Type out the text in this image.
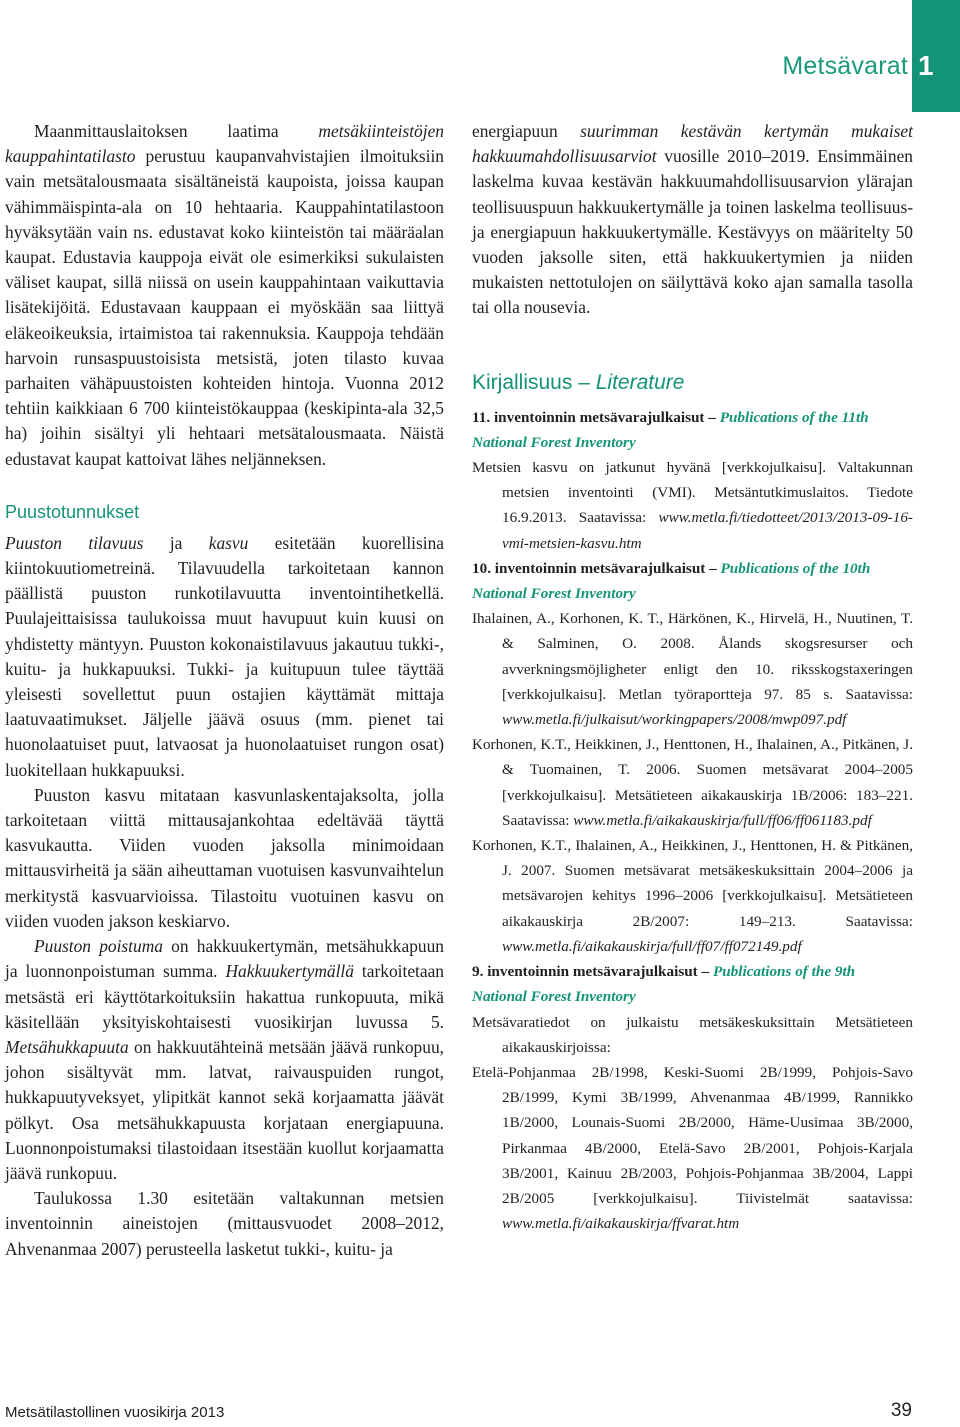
Metsävarat 1

Maanmittauslaitoksen laatima metsäkiinteistöjen kauppahintatilasto perustuu kaupanvahvistajien ilmoituksiin vain metsätalousmaata sisältäneistä kaupoista, joissa kaupan vähimmäispinta-ala on 10 hehtaaria. Kauppahintatilastoon hyväksytään vain ns. edustavat koko kiinteistön tai määräalan kaupat. Edustavia kauppoja eivät ole esimerkiksi sukulaisten väliset kaupat, sillä niissä on usein kauppahintaan vaikuttavia lisätekijöitä. Edustavaan kauppaan ei myöskään saa liittyä eläkeoikeuksia, irtaimistoa tai rakennuksia. Kauppoja tehdään harvoin runsaspuustoisista metsistä, joten tilasto kuvaa parhaiten vähäpuustoisten kohteiden hintoja. Vuonna 2012 tehtiin kaikkiaan 6 700 kiinteistökauppaa (keskipinta-ala 32,5 ha) joihin sisältyi yli hehtaari metsätalousmaata. Näistä edustavat kaupat kattoivat lähes neljänneksen.

Puustotunnukset

Puuston tilavuus ja kasvu esitetään kuorellisina kiintokuutiometreinä. Tilavuudella tarkoitetaan kannon päällistä puuston runkotilavuutta inventointihetkellä. Puulajeittaisissa taulukoissa muut havupuut kuin kuusi on yhdistetty mäntyyn. Puuston kokonaistilavuus jakautuu tukki-, kuitu- ja hukkapuuksi. Tukki- ja kuitupuun tulee täyttää yleisesti sovellettut puun ostajien käyttämät mittaja laatuvaatimukset. Jäljelle jäävä osuus (mm. pienet tai huonolaatuiset puut, latvaosat ja huonolaatuiset rungon osat) luokitellaan hukkapuuksi.

Puuston kasvu mitataan kasvunlaskentajaksolta, jolla tarkoitetaan viittä mittausajankohtaa edeltävää täyttä kasvukautta. Viiden vuoden jaksolla minimoidaan mittausvirheitä ja sään aiheuttaman vuotuisen kasvunvaihtelun merkitystä kasvuarvioissa. Tilastoitu vuotuinen kasvu on viiden vuoden jakson keskiarvo.

Puuston poistuma on hakkuukertymän, metsähukkapuun ja luonnonpoistuman summa. Hakkuukertymällä tarkoitetaan metsästä eri käyttötarkoituksiin hakattua runkopuuta, mikä käsitellään yksityiskohtaisesti vuosikirjan luvussa 5. Metsähukkapuuta on hakkuutähteinä metsään jäävä runkopuu, johon sisältyvät mm. latvat, raivauspuiden rungot, hukkapuutyveksyet, ylipitkät kannot sekä korjaamatta jäävät pölkyt. Osa metsähukkapuusta korjataan energiapuuna. Luonnonpoistumaksi tilastoidaan itsestään kuollut korjaamatta jäävä runkopuu.

Taulukossa 1.30 esitetään valtakunnan metsien inventoinnin aineistojen (mittausvuodet 2008–2012, Ahvenanmaa 2007) perusteella lasketut tukki-, kuitu- ja

energiapuun suurimman kestävän kertymän mukaiset hakkuumahdollisuusarviot vuosille 2010–2019. Ensimmäinen laskelma kuvaa kestävän hakkuumahdollisuusarvion ylärajan teollisuuspuun hakkuukertymälle ja toinen laskelma teollisuus- ja energiapuun hakkuukertymälle. Kestävyys on määritelty 50 vuoden jaksolle siten, että hakkuukertymien ja niiden mukaisten nettotulojen on säilyttävä koko ajan samalla tasolla tai olla nousevia.

Kirjallisuus – Literature

11. inventoinnin metsävarajulkaisut – Publications of the 11th National Forest Inventory

Metsien kasvu on jatkunut hyvänä [verkkojulkaisu]. Valtakunnan metsien inventointi (VMI). Metsäntutkimuslaitos. Tiedote 16.9.2013. Saatavissa: www.metla.fi/tiedotteet/2013/2013-09-16-vmi-metsien-kasvu.htm

10. inventoinnin metsävarajulkaisut – Publications of the 10th National Forest Inventory

Ihalainen, A., Korhonen, K. T., Härkönen, K., Hirvelä, H., Nuutinen, T. & Salminen, O. 2008. Ålands skogsresurser och avverkningsmöjligheter enligt den 10. riksskogstaxeringen [verkkojulkaisu]. Metlan työraportteja 97. 85 s. Saatavissa: www.metla.fi/julkaisut/workingpapers/2008/mwp097.pdf

Korhonen, K.T., Heikkinen, J., Henttonen, H., Ihalainen, A., Pitkänen, J. & Tuomainen, T. 2006. Suomen metsävarat 2004–2005 [verkkojulkaisu]. Metsätieteen aikakauskirja 1B/2006: 183–221. Saatavissa: www.metla.fi/aikakauskirja/full/ff06/ff061183.pdf

Korhonen, K.T., Ihalainen, A., Heikkinen, J., Henttonen, H. & Pitkänen, J. 2007. Suomen metsävarat metsäkeskuksittain 2004–2006 ja metsävarojen kehitys 1996–2006 [verkkojulkaisu]. Metsätieteen aikakauskirja 2B/2007: 149–213. Saatavissa: www.metla.fi/aikakauskirja/full/ff07/ff072149.pdf

9. inventoinnin metsävarajulkaisut – Publications of the 9th National Forest Inventory

Metsävaratiedot on julkaistu metsäkeskuksittain Metsätieteen aikakauskirjoissa:

Etelä-Pohjanmaa 2B/1998, Keski-Suomi 2B/1999, Pohjois-Savo 2B/1999, Kymi 3B/1999, Ahvenanmaa 4B/1999, Rannikko 1B/2000, Lounais-Suomi 2B/2000, Häme-Uusimaa 3B/2000, Pirkanmaa 4B/2000, Etelä-Savo 2B/2001, Pohjois-Karjala 3B/2001, Kainuu 2B/2003, Pohjois-Pohjanmaa 3B/2004, Lappi 2B/2005 [verkkojulkaisu]. Tiivistelmät saatavissa: www.metla.fi/aikakauskirja/ffvarat.htm

Metsätilastollinen vuosikirja 2013	39
